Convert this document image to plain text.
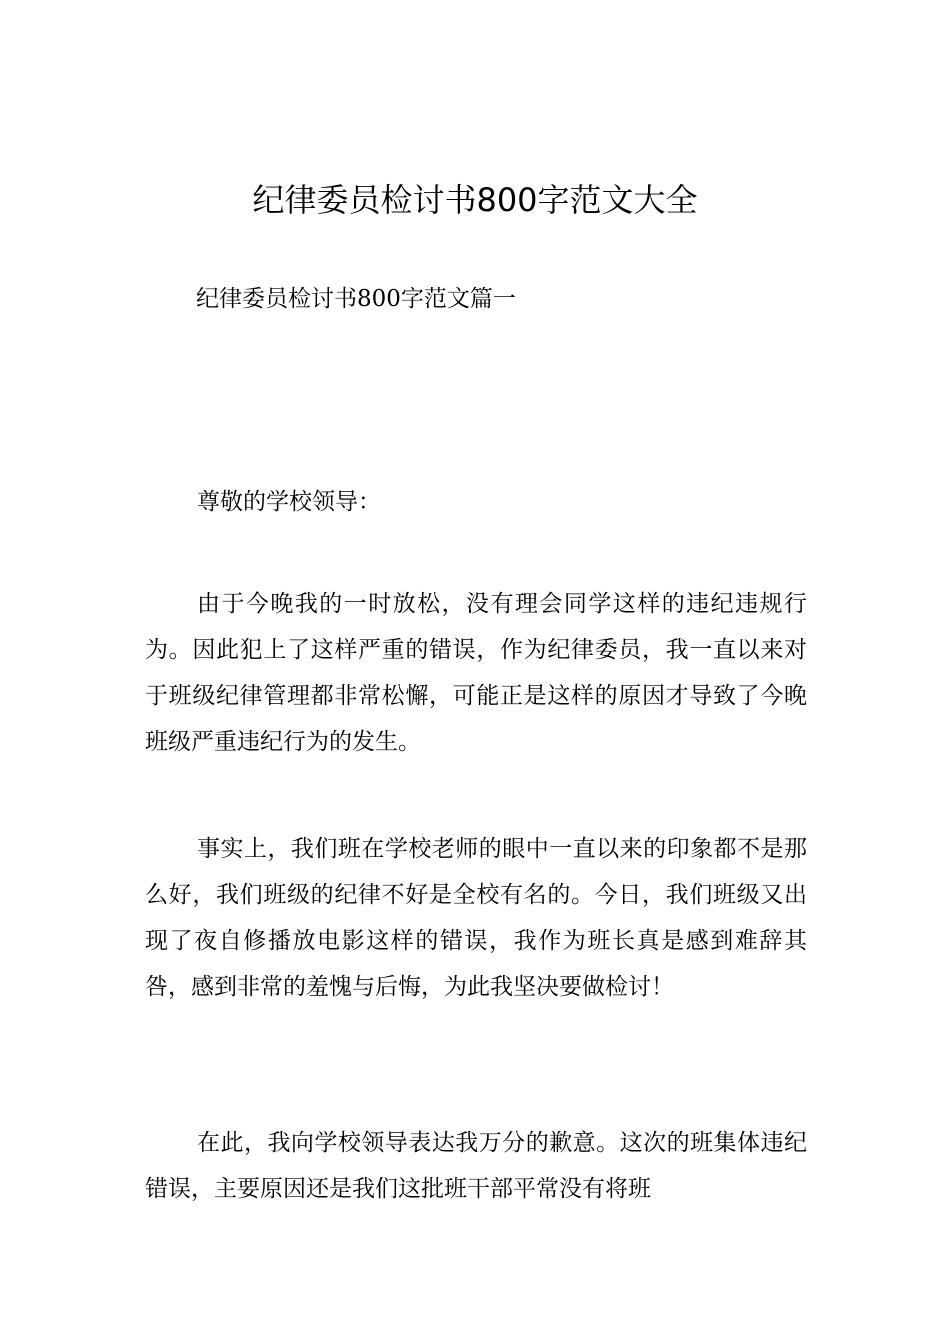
纪律委员检讨书800字范文大全

纪律委员检讨书800字范文篇一

尊敬的学校领导：

由于今晚我的一时放松，没有理会同学这样的违纪违规行为。因此犯上了这样严重的错误，作为纪律委员，我一直以来对于班级纪律管理都非常松懈，可能正是这样的原因才导致了今晚班级严重违纪行为的发生。

事实上，我们班在学校老师的眼中一直以来的印象都不是那么好，我们班级的纪律不好是全校有名的。今日，我们班级又出现了夜自修播放电影这样的错误，我作为班长真是感到难辞其咎，感到非常的羞愧与后悔，为此我坚决要做检讨！

在此，我向学校领导表达我万分的歉意。这次的班集体违纪错误，主要原因还是我们这批班干部平常没有将班
